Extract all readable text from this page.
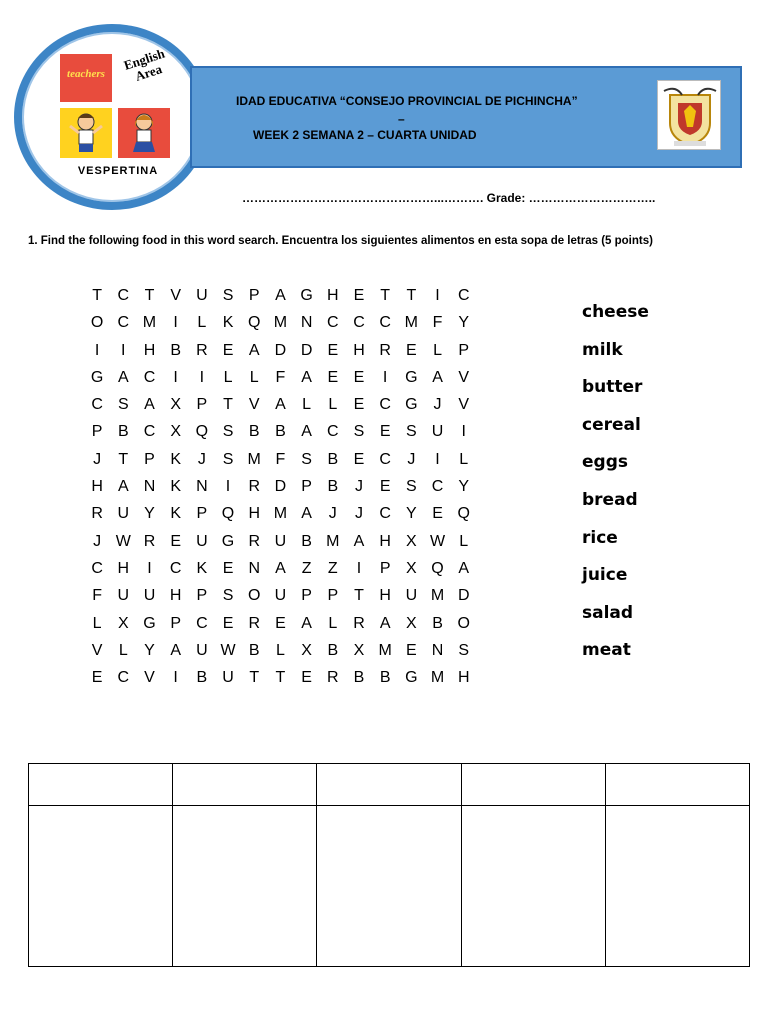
teachers
English Area
VESPERTINA
IDAD EDUCATIVA “CONSEJO PROVINCIAL DE PICHINCHA”
–
WEEK 2 SEMANA 2 – CUARTA UNIDAD
…………………………………………...………. Grade: …………………………..
1. Find the following food in this word search. Encuentra los siguientes alimentos en esta sopa de letras (5 points)
T C T V U S P A G H E T	T	I	C
O C M	I	L	K Q M N C C C M F Y
I	I	H B R E A D D E H R E	L	P
G A C	I	I	L	L	F A E E	I	G A V
C S A X P T V A	L	L	E C G J	V
P B C X Q S B B A C S E S U	I
J	T P K	J	S M F S B E C	J	I	L
H A N K N	I	R D P B	J	E S C Y
R U Y K P Q H M A	J	J	C Y E Q
J W R E U G R U B M A H X W L
C H	I	C K E N A Z	Z	I	P X Q A
F U U H P S O U P P T H U M D
L	X G P C E R E A	L R A X B O
V	L	Y A U W B	L	X B X M E N S
E C V	I	B U T	T E R B B G M H
cheese
milk
butter
cereal
eggs
bread
rice
juice
salad
meat
